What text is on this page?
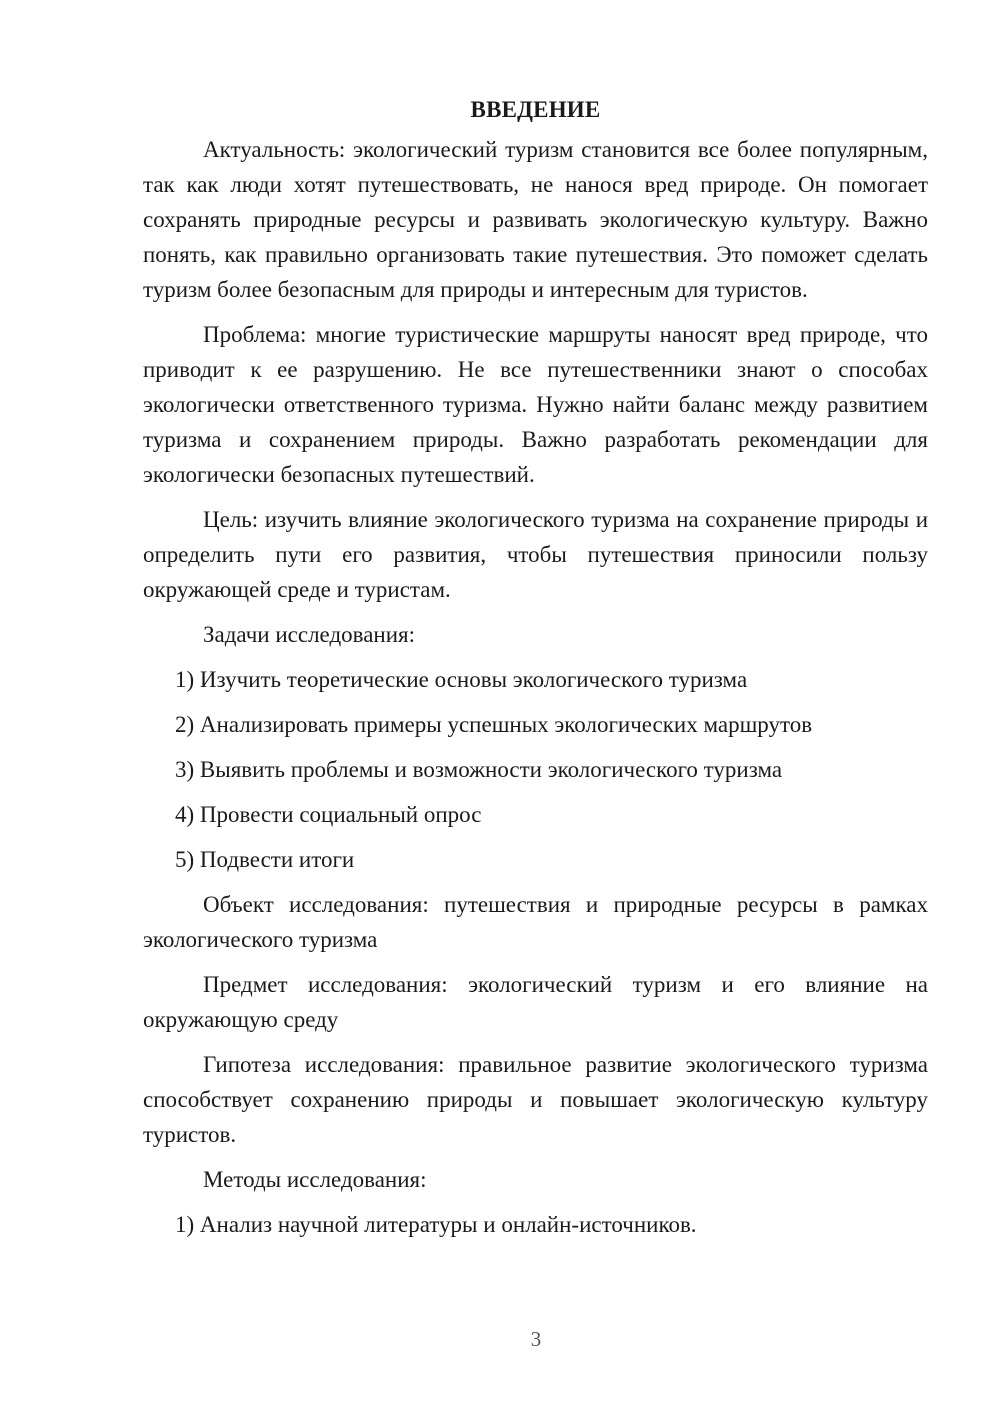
ВВЕДЕНИЕ

Актуальность: экологический туризм становится все более популярным, так как люди хотят путешествовать, не нанося вред природе. Он помогает сохранять природные ресурсы и развивать экологическую культуру. Важно понять, как правильно организовать такие путешествия. Это поможет сделать туризм более безопасным для природы и интересным для туристов.

Проблема: многие туристические маршруты наносят вред природе, что приводит к ее разрушению. Не все путешественники знают о способах экологически ответственного туризма. Нужно найти баланс между развитием туризма и сохранением природы. Важно разработать рекомендации для экологически безопасных путешествий.

Цель: изучить влияние экологического туризма на сохранение природы и определить пути его развития, чтобы путешествия приносили пользу окружающей среде и туристам.

Задачи исследования:

1) Изучить теоретические основы экологического туризма
2) Анализировать примеры успешных экологических маршрутов
3) Выявить проблемы и возможности экологического туризма
4) Провести социальный опрос
5) Подвести итоги

Объект исследования: путешествия и природные ресурсы в рамках экологического туризма

Предмет исследования: экологический туризм и его влияние на окружающую среду

Гипотеза исследования: правильное развитие экологического туризма способствует сохранению природы и повышает экологическую культуру туристов.

Методы исследования:

1) Анализ научной литературы и онлайн-источников.
3
